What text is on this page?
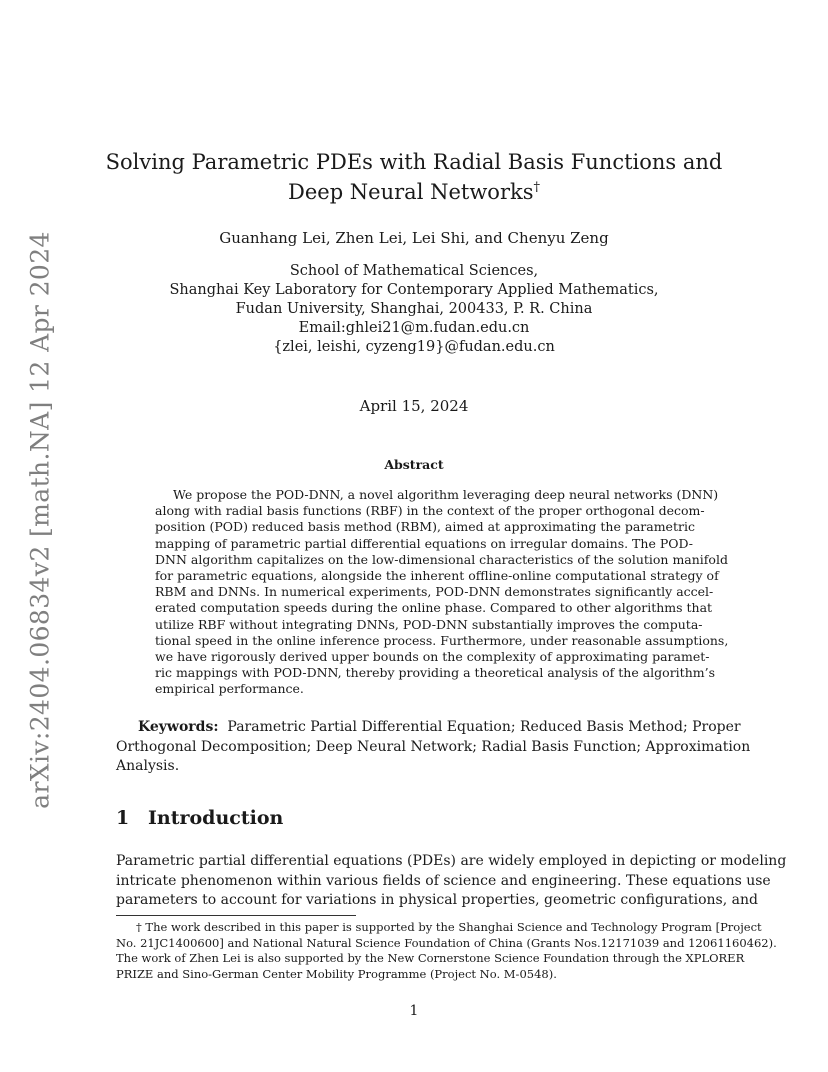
arXiv:2404.06834v2 [math.NA] 12 Apr 2024
Solving Parametric PDEs with Radial Basis Functions and
Deep Neural Networks†
Guanhang Lei, Zhen Lei, Lei Shi, and Chenyu Zeng
School of Mathematical Sciences,
Shanghai Key Laboratory for Contemporary Applied Mathematics,
Fudan University, Shanghai, 200433, P. R. China
Email:ghlei21@m.fudan.edu.cn
{zlei, leishi, cyzeng19}@fudan.edu.cn
April 15, 2024
Abstract
We propose the POD-DNN, a novel algorithm leveraging deep neural networks (DNN)
along with radial basis functions (RBF) in the context of the proper orthogonal decom-
position (POD) reduced basis method (RBM), aimed at approximating the parametric
mapping of parametric partial differential equations on irregular domains. The POD-
DNN algorithm capitalizes on the low-dimensional characteristics of the solution manifold
for parametric equations, alongside the inherent offline-online computational strategy of
RBM and DNNs. In numerical experiments, POD-DNN demonstrates significantly accel-
erated computation speeds during the online phase. Compared to other algorithms that
utilize RBF without integrating DNNs, POD-DNN substantially improves the computa-
tional speed in the online inference process. Furthermore, under reasonable assumptions,
we have rigorously derived upper bounds on the complexity of approximating paramet-
ric mappings with POD-DNN, thereby providing a theoretical analysis of the algorithm’s
empirical performance.
Keywords: Parametric Partial Differential Equation; Reduced Basis Method; Proper
Orthogonal Decomposition; Deep Neural Network; Radial Basis Function; Approximation
Analysis.
1 Introduction
Parametric partial differential equations (PDEs) are widely employed in depicting or modeling
intricate phenomenon within various fields of science and engineering. These equations use
parameters to account for variations in physical properties, geometric configurations, and
† The work described in this paper is supported by the Shanghai Science and Technology Program [Project
No. 21JC1400600] and National Natural Science Foundation of China (Grants Nos.12171039 and 12061160462).
The work of Zhen Lei is also supported by the New Cornerstone Science Foundation through the XPLORER
PRIZE and Sino-German Center Mobility Programme (Project No. M-0548).
1
